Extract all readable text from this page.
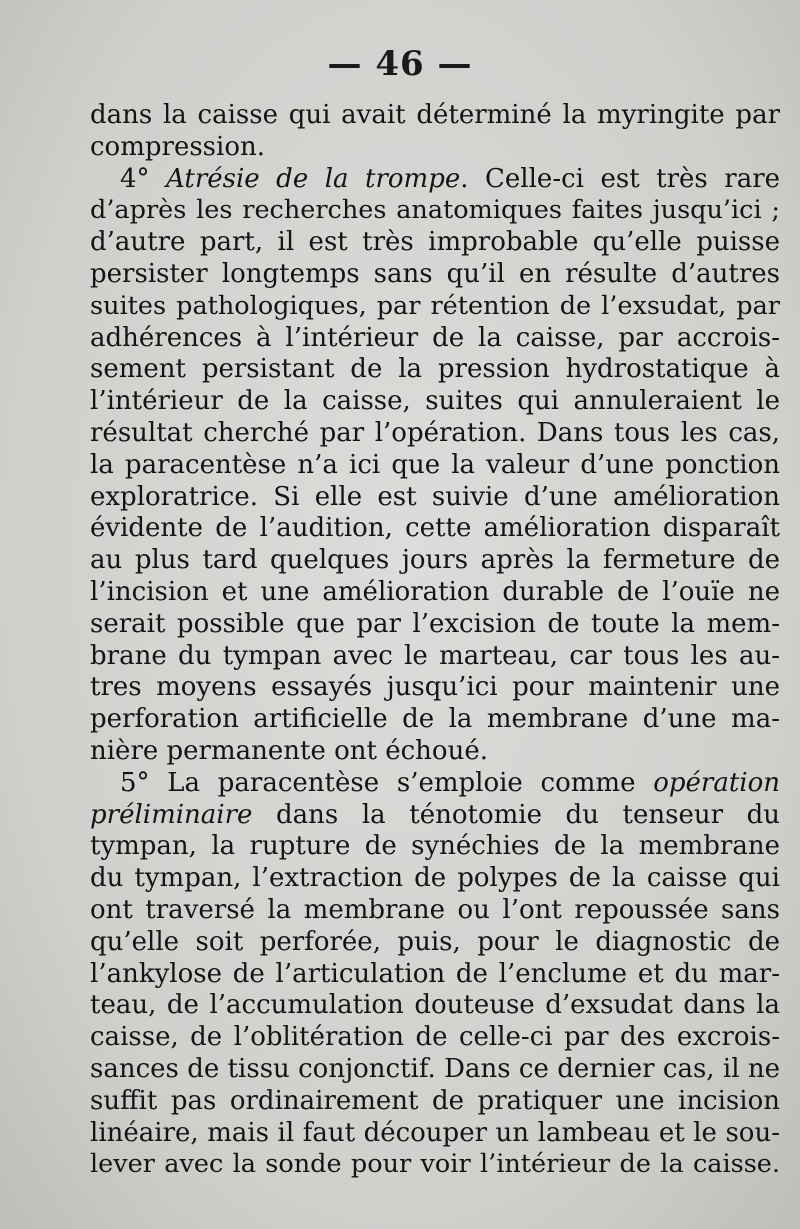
— 46 —
dans la caisse qui avait déterminé la myringite par
compression.
4° Atrésie de la trompe. Celle-ci est très rare
d’après les recherches anatomiques faites jusqu’ici ;
d’autre part, il est très improbable qu’elle puisse
persister longtemps sans qu’il en résulte d’autres
suites pathologiques, par rétention de l’exsudat, par
adhérences à l’intérieur de la caisse, par accrois-
sement persistant de la pression hydrostatique à
l’intérieur de la caisse, suites qui annuleraient le
résultat cherché par l’opération. Dans tous les cas,
la paracentèse n’a ici que la valeur d’une ponction
exploratrice. Si elle est suivie d’une amélioration
évidente de l’audition, cette amélioration disparaît
au plus tard quelques jours après la fermeture de
l’incision et une amélioration durable de l’ouïe ne
serait possible que par l’excision de toute la mem-
brane du tympan avec le marteau, car tous les au-
tres moyens essayés jusqu’ici pour maintenir une
perforation artificielle de la membrane d’une ma-
nière permanente ont échoué.
5° La paracentèse s’emploie comme opération
préliminaire dans la ténotomie du tenseur du
tympan, la rupture de synéchies de la membrane
du tympan, l’extraction de polypes de la caisse qui
ont traversé la membrane ou l’ont repoussée sans
qu’elle soit perforée, puis, pour le diagnostic de
l’ankylose de l’articulation de l’enclume et du mar-
teau, de l’accumulation douteuse d’exsudat dans la
caisse, de l’oblitération de celle-ci par des excrois-
sances de tissu conjonctif. Dans ce dernier cas, il ne
suffit pas ordinairement de pratiquer une incision
linéaire, mais il faut découper un lambeau et le sou-
lever avec la sonde pour voir l’intérieur de la caisse.
